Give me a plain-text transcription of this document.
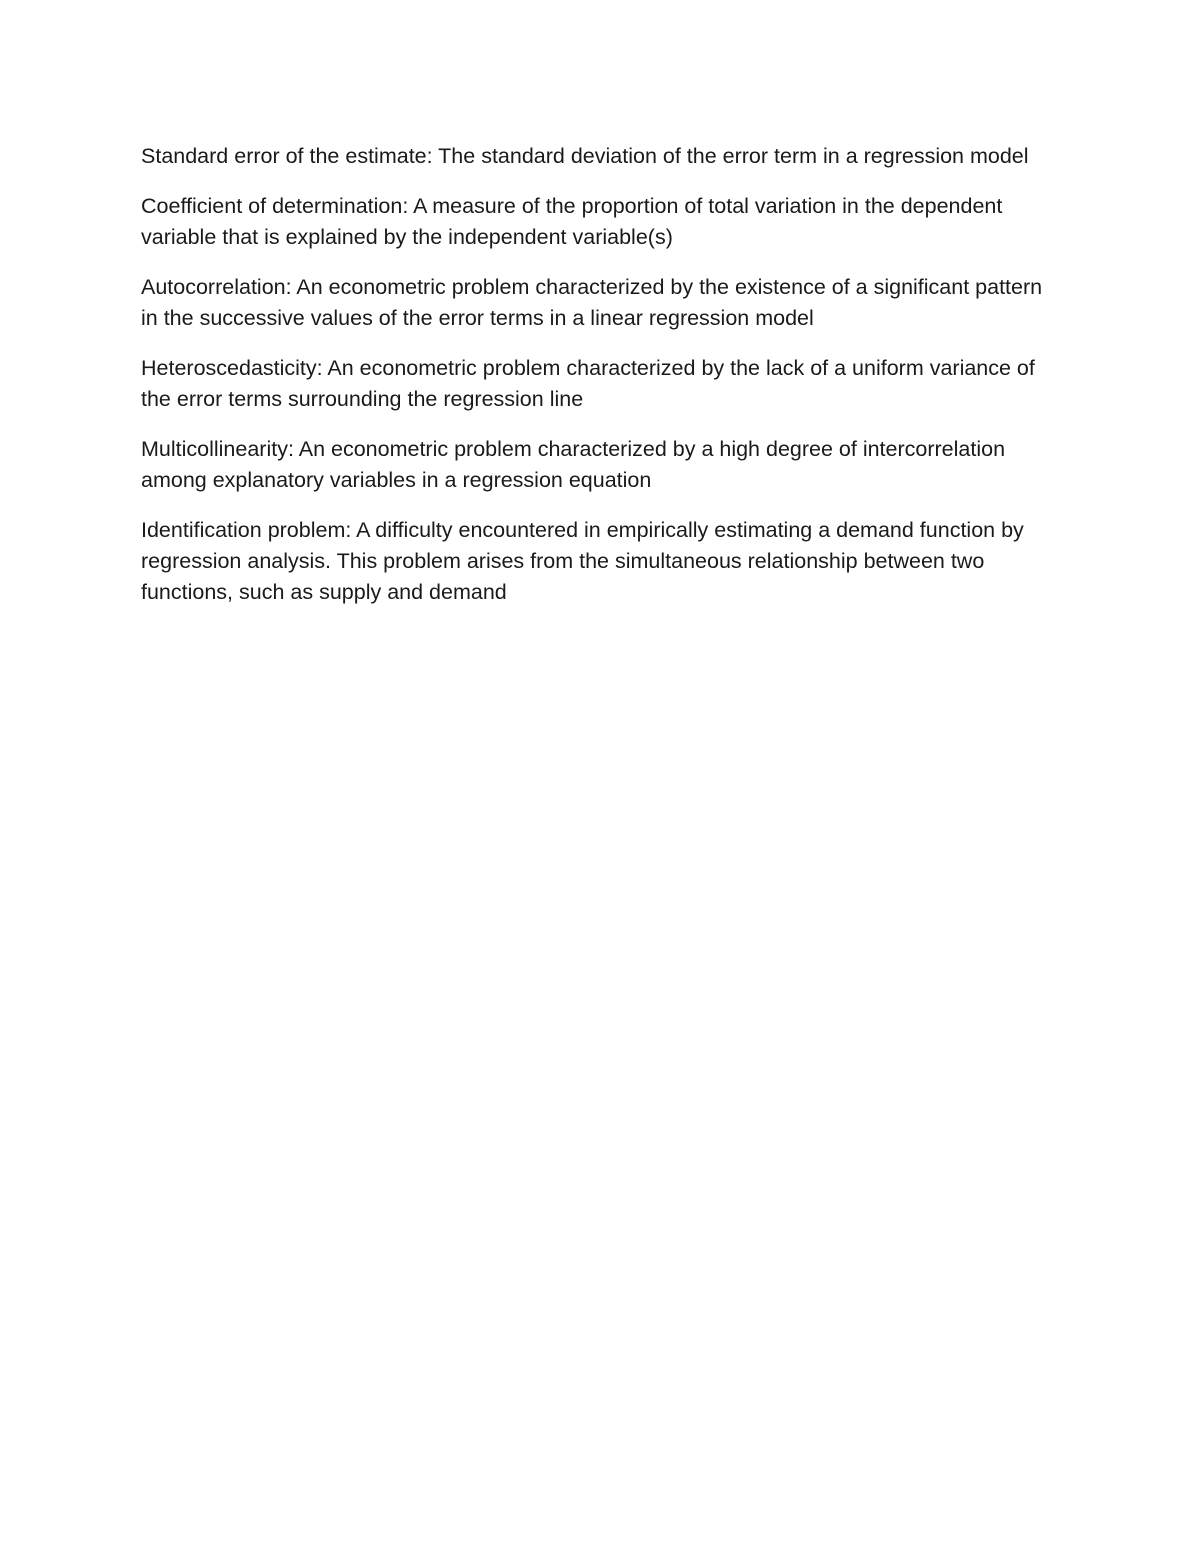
Standard error of the estimate: The standard deviation of the error term in a regression model

Coefficient of determination: A measure of the proportion of total variation in the dependent variable that is explained by the independent variable(s)

Autocorrelation: An econometric problem characterized by the existence of a significant pattern in the successive values of the error terms in a linear regression model

Heteroscedasticity: An econometric problem characterized by the lack of a uniform variance of the error terms surrounding the regression line

Multicollinearity: An econometric problem characterized by a high degree of intercorrelation among explanatory variables in a regression equation

Identification problem: A difficulty encountered in empirically estimating a demand function by regression analysis. This problem arises from the simultaneous relationship between two functions, such as supply and demand
